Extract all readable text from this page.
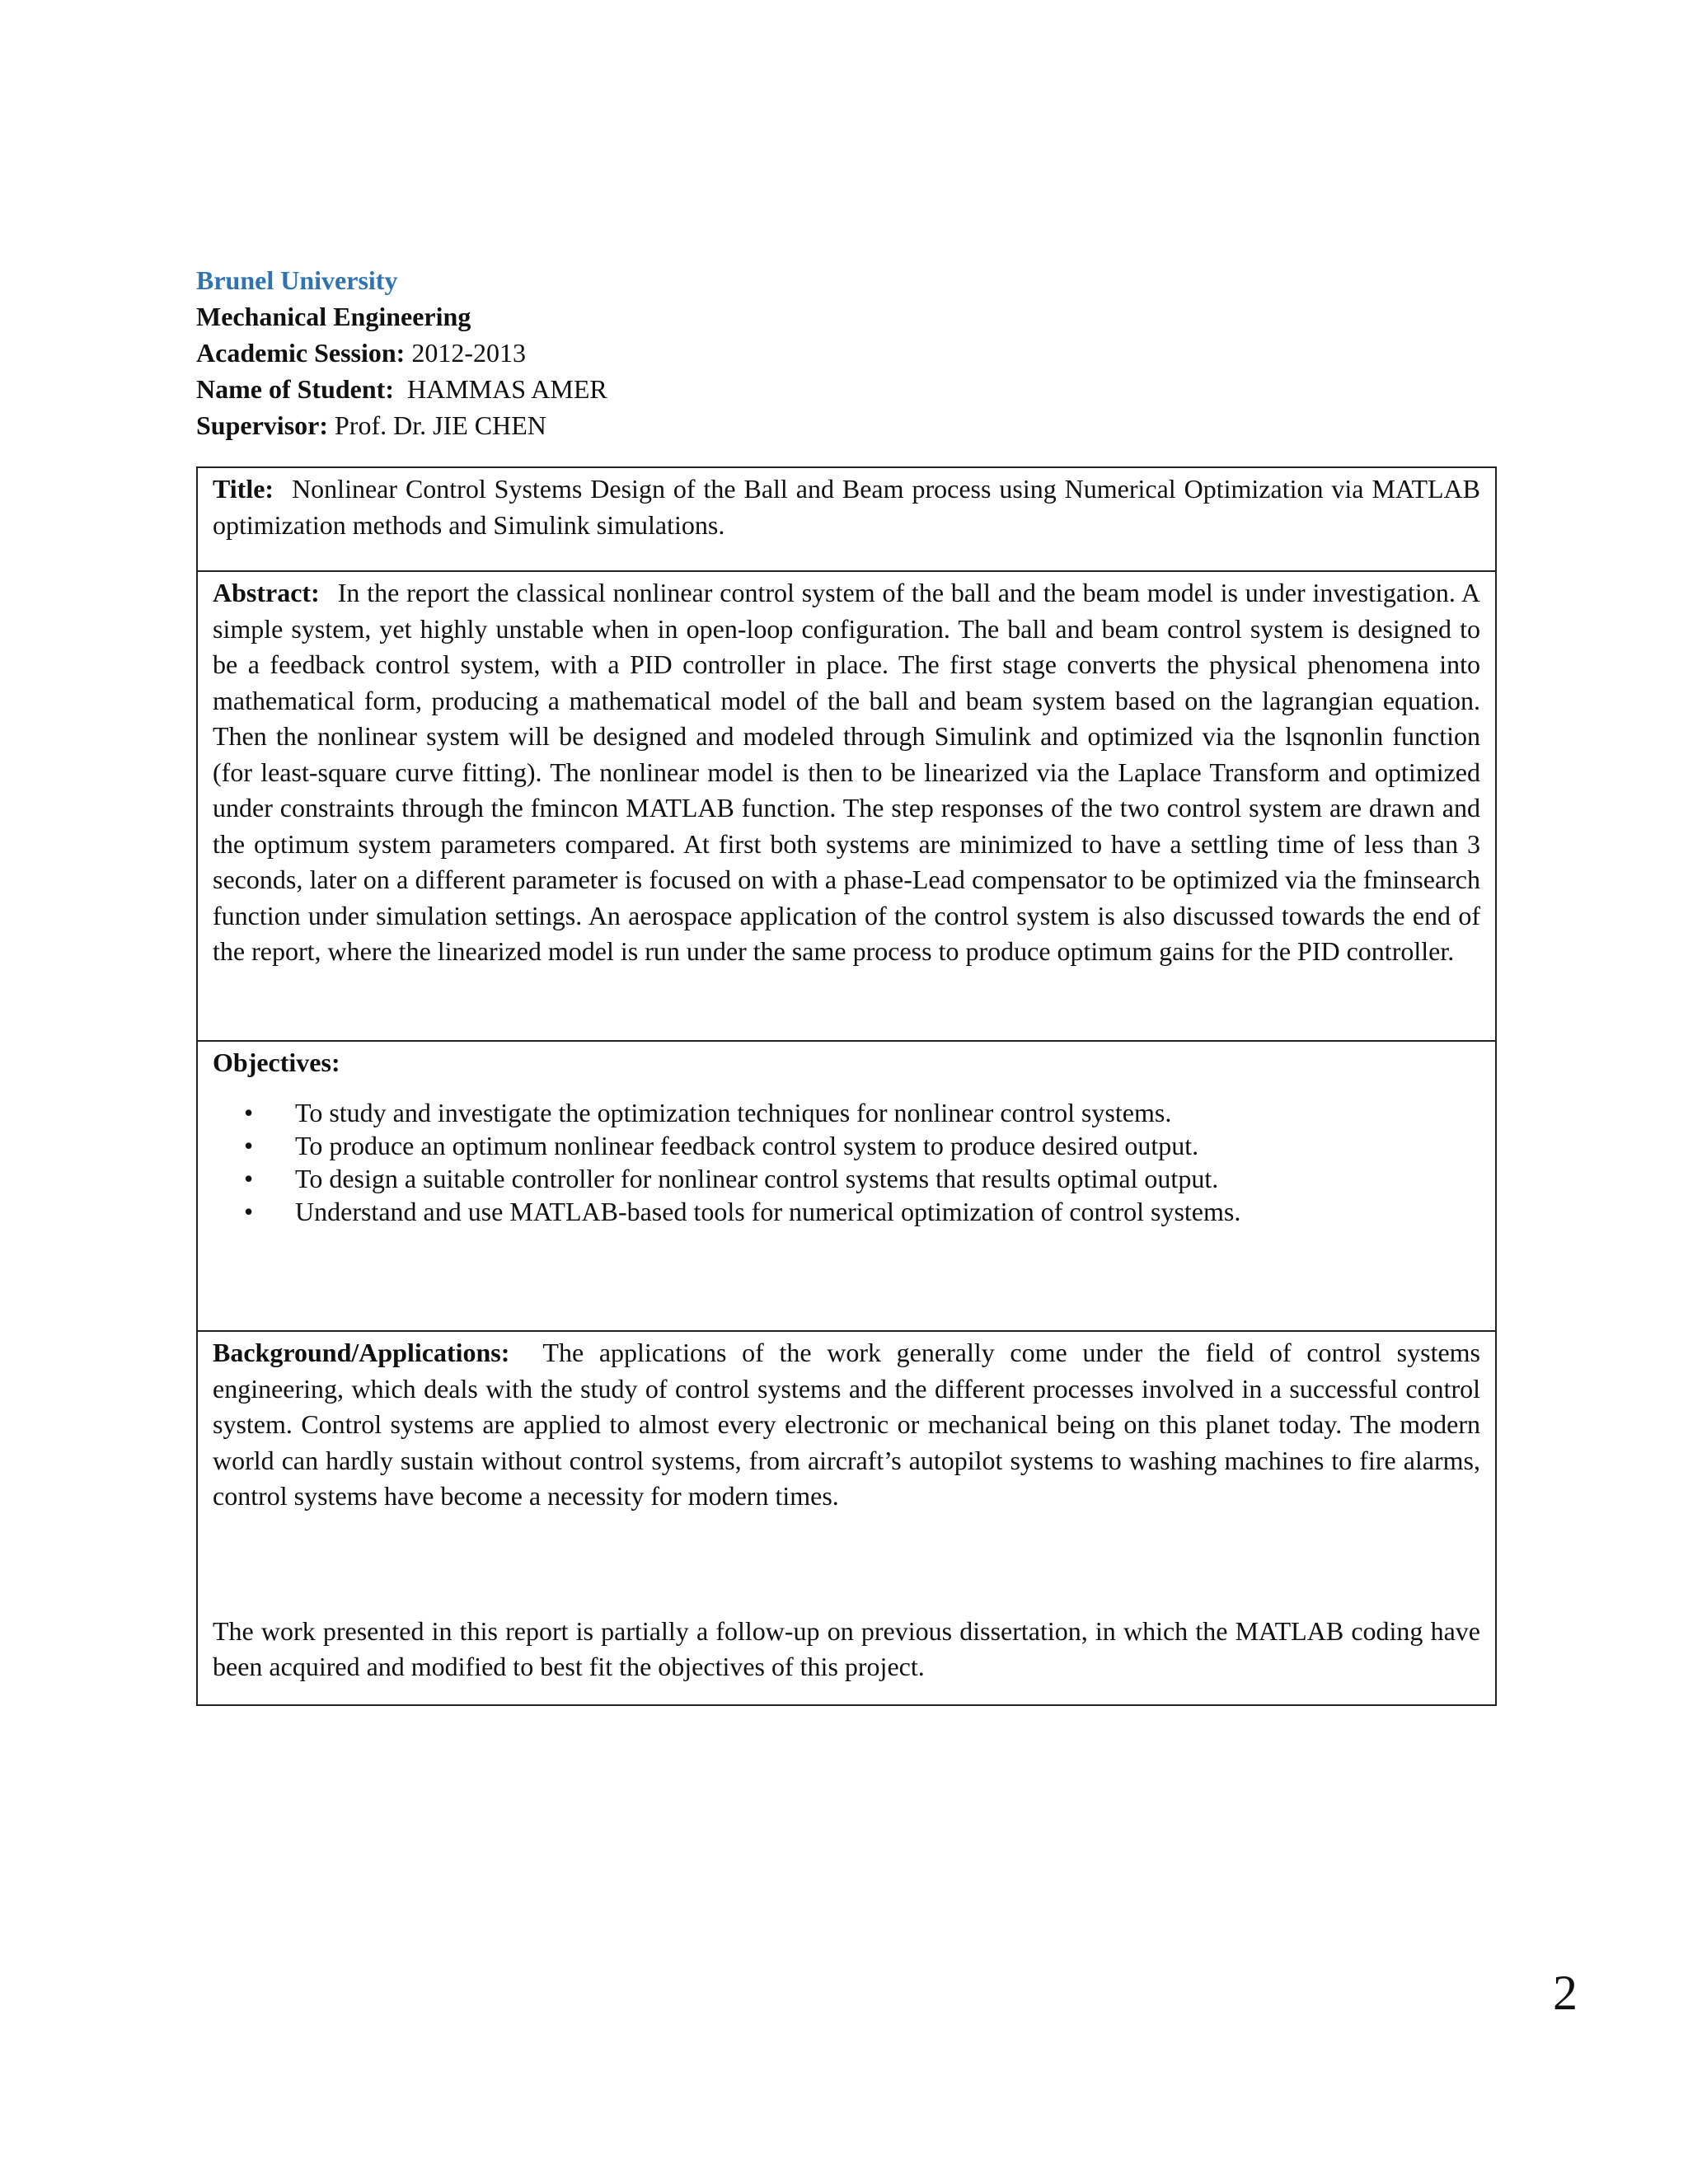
Brunel University
Mechanical Engineering
Academic Session: 2012-2013
Name of Student: HAMMAS AMER
Supervisor: Prof. Dr. JIE CHEN
Title: Nonlinear Control Systems Design of the Ball and Beam process using Numerical Optimization via MATLAB optimization methods and Simulink simulations.
Abstract: In the report the classical nonlinear control system of the ball and the beam model is under investigation. A simple system, yet highly unstable when in open-loop configuration. The ball and beam control system is designed to be a feedback control system, with a PID controller in place. The first stage converts the physical phenomena into mathematical form, producing a mathematical model of the ball and beam system based on the lagrangian equation. Then the nonlinear system will be designed and modeled through Simulink and optimized via the lsqnonlin function (for least-square curve fitting). The nonlinear model is then to be linearized via the Laplace Transform and optimized under constraints through the fmincon MATLAB function. The step responses of the two control system are drawn and the optimum system parameters compared. At first both systems are minimized to have a settling time of less than 3 seconds, later on a different parameter is focused on with a phase-Lead compensator to be optimized via the fminsearch function under simulation settings. An aerospace application of the control system is also discussed towards the end of the report, where the linearized model is run under the same process to produce optimum gains for the PID controller.

Objectives:
• To study and investigate the optimization techniques for nonlinear control systems.
• To produce an optimum nonlinear feedback control system to produce desired output.
• To design a suitable controller for nonlinear control systems that results optimal output.
• Understand and use MATLAB-based tools for numerical optimization of control systems.

Background/Applications: The applications of the work generally come under the field of control systems engineering, which deals with the study of control systems and the different processes involved in a successful control system. Control systems are applied to almost every electronic or mechanical being on this planet today. The modern world can hardly sustain without control systems, from aircraft’s autopilot systems to washing machines to fire alarms, control systems have become a necessity for modern times.
The work presented in this report is partially a follow-up on previous dissertation, in which the MATLAB coding have been acquired and modified to best fit the objectives of this project.
2
